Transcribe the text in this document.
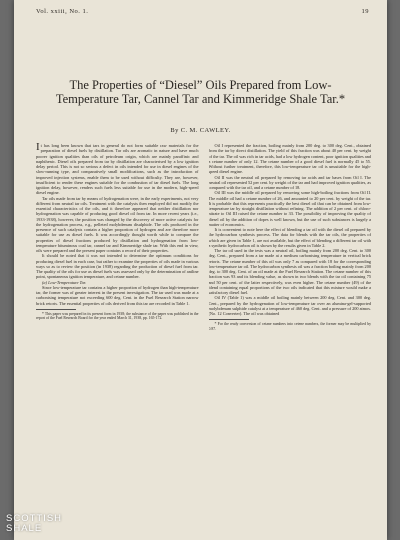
Vol. xxiii, No. 1.	19
The Properties of “Diesel” Oils Prepared from Low-Temperature Tar, Cannel Tar and Kimmeridge Shale Tar.*
By C. M. CAWLEY.

It has long been known that tars in general do not form suitable raw materials for the preparation of diesel fuels by distillation. Tar oils are aromatic in nature and have much poorer ignition qualities than oils of petroleum origin, which are mainly paraffinic and naphthenic. Diesel oils prepared from tar by distillation are characterised by a low ignition delay period. This is not so serious a defect in oils intended for use in diesel engines of the slow-running type, and comparatively small modifications, such as the introduction of improved injection systems, enable them to be used without difficulty. They are, however, insufficient to render these engines suitable for the combustion of tar diesel fuels. The long ignition delay, however, renders such fuels less suitable for use in the modern, high-speed diesel engine.

Tar oils made from tar by means of hydrogenation were, in the early experiments, not very different from neutral tar oils. Treatment with the catalysts then employed did not modify the essential characteristics of the oils, and it therefore appeared that neither distillation nor hydrogenation was capable of producing good diesel oil from tar. In more recent years (i.e., 1933-1938), however, the position was changed by the discovery of more active catalysts for the hydrogenation process, e.g., pelleted molybdenum disulphide. The oils produced in the presence of such catalysts contain a higher proportion of hydrogen and are therefore more suitable for use as diesel fuels. It was accordingly thought worth while to compare the properties of diesel fractions produced by distillation and hydrogenation from low-temperature bituminous coal tar, cannel tar and Kimmeridge shale tar. With this end in view, oils were prepared and the present paper contains a record of their properties.

It should be noted that it was not intended to determine the optimum conditions for producing diesel fuel in each case, but rather to examine the properties of oils made in various ways so as to review the position (in 1938) regarding the production of diesel fuel from tar. The quality of the oils for use as diesel fuels was assessed only by the determination of aniline point, spontaneous ignition temperature, and cetane number.

(a) Low-Temperature Tar.

Since low-temperature tar contains a higher proportion of hydrogen than high-temperature tar, the former was of greater interest in the present investigation. The tar used was made at a carbonising temperature not exceeding 600 deg. Cent. in the Fuel Research Station narrow brick retorts. The essential properties of oils derived from this tar are recorded in Table 1.

* This paper was prepared in its present form in 1938; the substance of the paper was published in the report of the Fuel Research Board for the year ended March 31, 1938, pp. 165-172.

Oil I represented the fraction, boiling mainly from 200 deg. to 300 deg. Cent., obtained from the tar by direct distillation. The yield of this fraction was about 40 per cent. by weight of the tar. The oil was rich in tar acids, had a low hydrogen content, poor ignition qualities and a cetane number of only 12. The cetane number of a good diesel fuel is normally 45 to 55. Without further treatment, therefore, this low-temperature tar oil is unsuitable for the high-speed diesel engine.

Oil II was the neutral oil prepared by removing tar acids and tar bases from Oil I. The neutral oil represented 52 per cent. by weight of the tar and had improved ignition qualities, as compared with the tar oil, and a cetane number of 18.

Oil III was the middle oil prepared by removing some high-boiling fractions from Oil II. The middle oil had a cetane number of 26, and amounted to 20 per cent. by weight of the tar. It is probable that this represents practically the best diesel oil that can be obtained from low-temperature tar by straight distillation without refining. The addition of 2 per cent. of chloro-nitrate to Oil III raised the cetane number to 33. The possibility of improving the quality of diesel oil by the addition of dopes is well known, but the use of such substances is largely a matter of economics.

It is convenient to note here the effect of blending a tar oil with the diesel oil prepared by the hydrocarbon synthesis process. The data for blends with the tar oils, the properties of which are given in Table 1, are not available, but the effect of blending a different tar oil with a synthetic hydrocarbon oil is shown by the results given in Table 2.

The tar oil used in the tests was a neutral oil, boiling mainly from 200 deg. Cent. to 300 deg. Cent., prepared from a tar made at a medium carbonising temperature in vertical brick retorts. The cetane number of this oil was only 7 as compared with 18 for the corresponding low-temperature tar oil. The hydrocarbon synthesis oil was a fraction boiling mainly from 200 deg. to 300 deg. Cent. of an oil made at the Fuel Research Station. The cetane number of this fraction was 93 and its blending value, as shown in two blends with the tar oil containing 75 and 50 per cent. of the latter respectively, was even higher. The cetane number (49) of the blend containing equal proportions of the two oils indicated that this mixture would make a satisfactory diesel fuel.

Oil IV (Table 1) was a middle oil boiling mainly between 200 deg. Cent. and 300 deg. Cent., prepared by the hydrogenation of low-temperature tar over an alumina-gel-supported molybdenum sulphide catalyst at a temperature of 460 deg. Cent. and a pressure of 200 atmos. (No. 12 Converter). The oil was obtained

* For the ready conversion of cetane numbers into cetene numbers, the former may be multiplied by 0.87.

SCOTTISH
SHALE
